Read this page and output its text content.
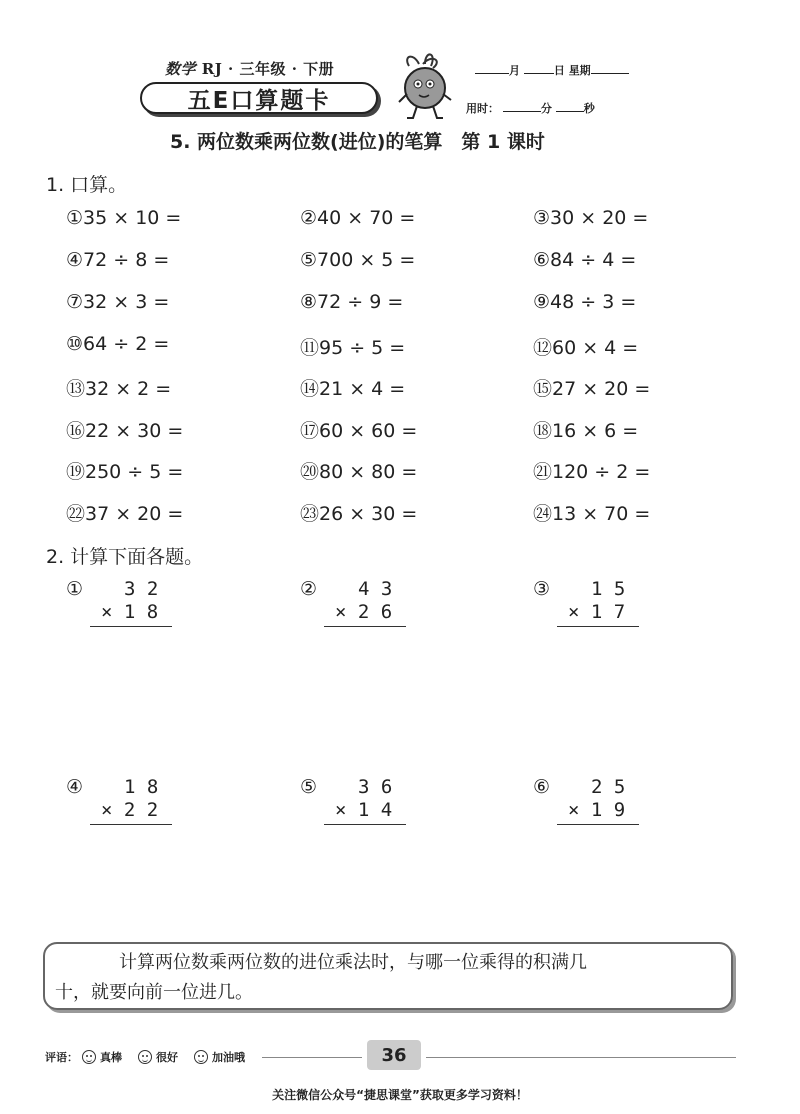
数学 RJ · 三年级 · 下册
五E口算题卡
月	日 星期
用时：	分	秒
5. 两位数乘两位数(进位)的笔算　第 1 课时
1. 口算。
①35 × 10 =	②40 × 70 =	③30 × 20 =
④72 ÷ 8 =	⑤700 × 5 =	⑥84 ÷ 4 =
⑦32 × 3 =	⑧72 ÷ 9 =	⑨48 ÷ 3 =
⑩64 ÷ 2 =	⑪95 ÷ 5 =	⑫60 × 4 =
⑬32 × 2 =	⑭21 × 4 =	⑮27 × 20 =
⑯22 × 30 =	⑰60 × 60 =	⑱16 × 6 =
⑲250 ÷ 5 =	⑳80 × 80 =	㉑120 ÷ 2 =
㉒37 × 20 =	㉓26 × 30 =	㉔13 × 70 =
2. 计算下面各题。
① 3 2
× 1 8
② 4 3
× 2 6
③ 1 5
× 1 7
④ 1 8
× 2 2
⑤ 3 6
× 1 4
⑥ 2 5
× 1 9
计算两位数乘两位数的进位乘法时，与哪一位乘得的积满几
十，就要向前一位进几。
评语： 真棒	很好	加油哦	36
关注微信公众号“捷思课堂”获取更多学习资料！
